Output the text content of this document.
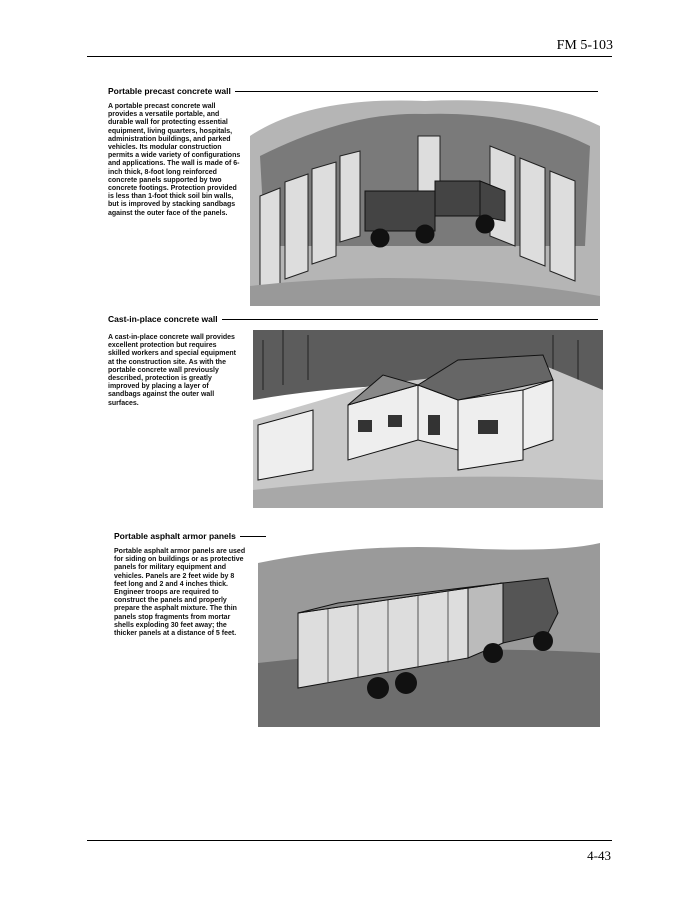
FM 5-103
Portable precast concrete wall
A portable precast concrete wall provides a versatile portable, and durable wall for protecting essential equipment, living quarters, hospitals, administration buildings, and parked vehicles. Its modular construction permits a wide variety of configurations and applications. The wall is made of 6-inch thick, 8-foot long reinforced concrete panels supported by two concrete footings. Protection provided is less than 1-foot thick soil bin walls, but is improved by stacking sandbags against the outer face of the panels.
Cast-in-place concrete wall
A cast-in-place concrete wall provides excellent protection but requires skilled workers and special equipment at the construction site. As with the portable concrete wall previously described, protection is greatly improved by placing a layer of sandbags against the outer wall surfaces.
Portable asphalt armor panels
Portable asphalt armor panels are used for siding on buildings or as protective panels for military equipment and vehicles. Panels are 2 feet wide by 8 feet long and 2 and 4 inches thick. Engineer troops are required to construct the panels and properly prepare the asphalt mixture. The thin panels stop fragments from mortar shells exploding 30 feet away; the thicker panels at a distance of 5 feet.
4-43
